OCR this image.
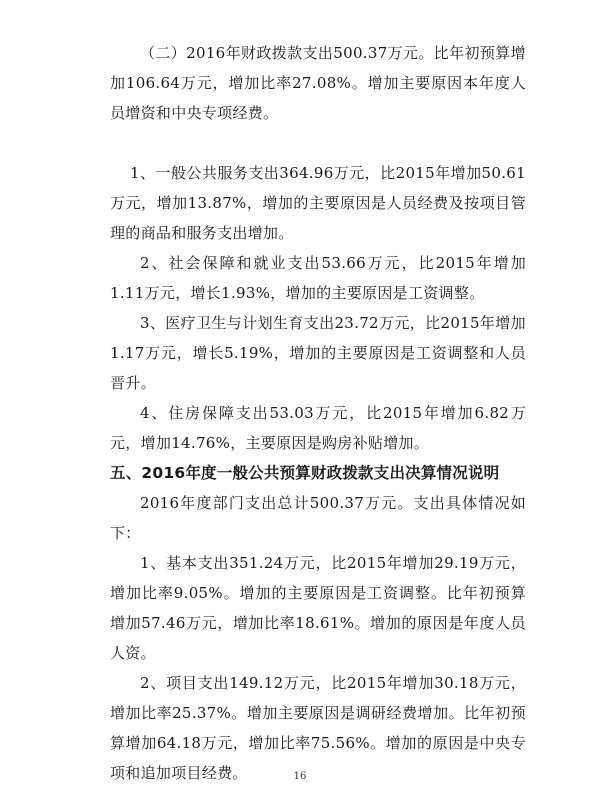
（二）2016年财政拨款支出500.37万元。比年初预算增加106.64万元，增加比率27.08%。增加主要原因本年度人员增资和中央专项经费。

1、一般公共服务支出364.96万元，比2015年增加50.61万元，增加13.87%，增加的主要原因是人员经费及按项目管理的商品和服务支出增加。

2、社会保障和就业支出53.66万元，比2015年增加1.11万元，增长1.93%，增加的主要原因是工资调整。

3、医疗卫生与计划生育支出23.72万元，比2015年增加1.17万元，增长5.19%，增加的主要原因是工资调整和人员晋升。

4、住房保障支出53.03万元，比2015年增加6.82万元，增加14.76%，主要原因是购房补贴增加。

五、2016年度一般公共预算财政拨款支出决算情况说明

2016年度部门支出总计500.37万元。支出具体情况如下：

1、基本支出351.24万元，比2015年增加29.19万元，增加比率9.05%。增加的主要原因是工资调整。比年初预算增加57.46万元，增加比率18.61%。增加的原因是年度人员人资。

2、项目支出149.12万元，比2015年增加30.18万元，增加比率25.37%。增加主要原因是调研经费增加。比年初预算增加64.18万元，增加比率75.56%。增加的原因是中央专项和追加项目经费。	16
